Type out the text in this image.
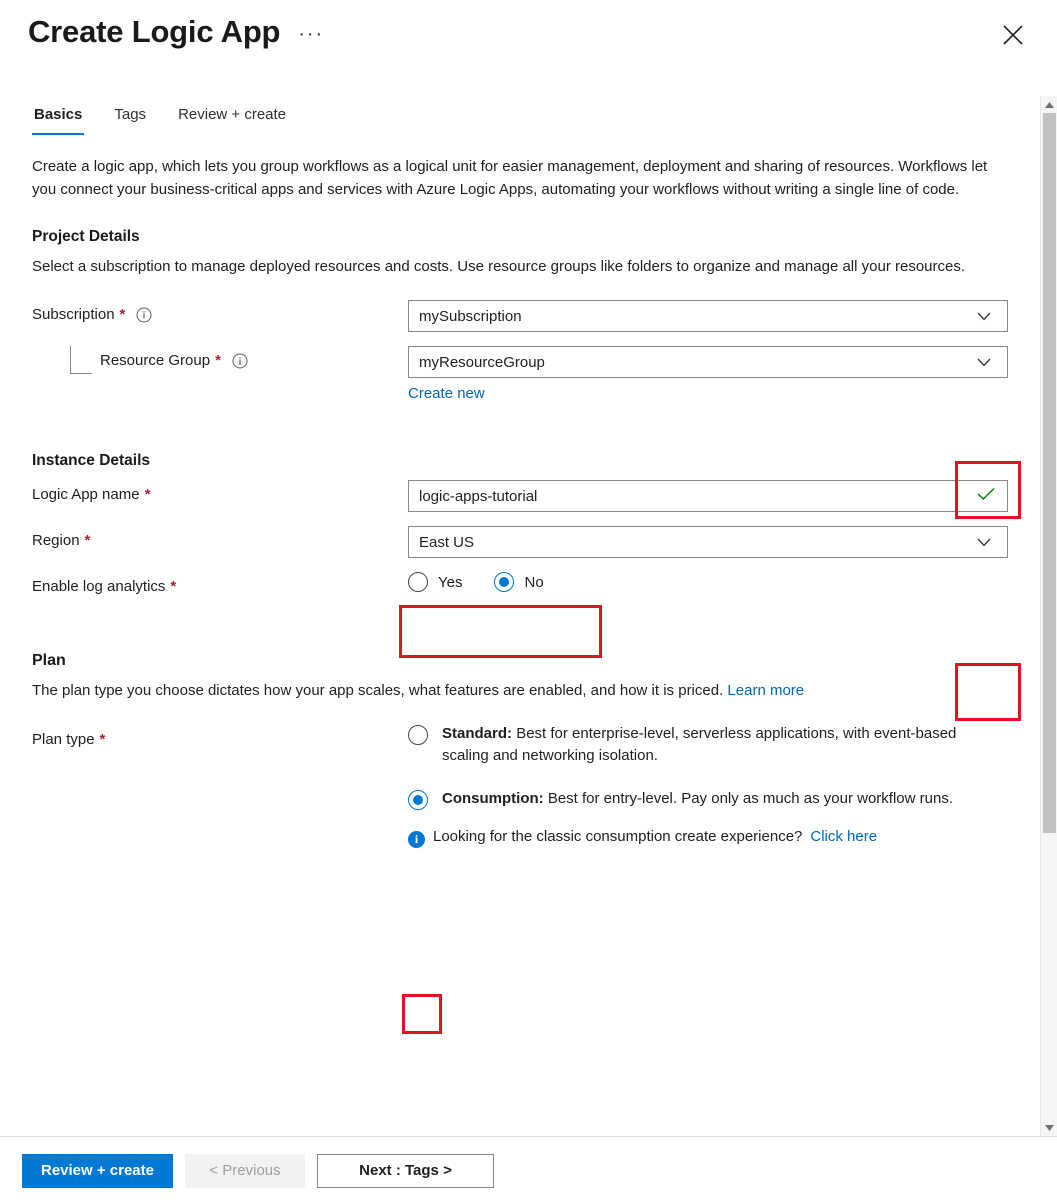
Create Logic App ···
Basics Tags Review + create
Create a logic app, which lets you group workflows as a logical unit for easier management, deployment and sharing of resources. Workflows let you connect your business-critical apps and services with Azure Logic Apps, automating your workflows without writing a single line of code.
Project Details
Select a subscription to manage deployed resources and costs. Use resource groups like folders to organize and manage all your resources.
Subscription *	mySubscription
Resource Group *	myResourceGroup
Create new
Instance Details
Logic App name *	logic-apps-tutorial
Region *	East US
Enable log analytics *	Yes	No
Plan
The plan type you choose dictates how your app scales, what features are enabled, and how it is priced. Learn more
Plan type *	Standard: Best for enterprise-level, serverless applications, with event-based scaling and networking isolation.
Consumption: Best for entry-level. Pay only as much as your workflow runs.
i Looking for the classic consumption create experience? Click here
Review + create	< Previous	Next : Tags >
